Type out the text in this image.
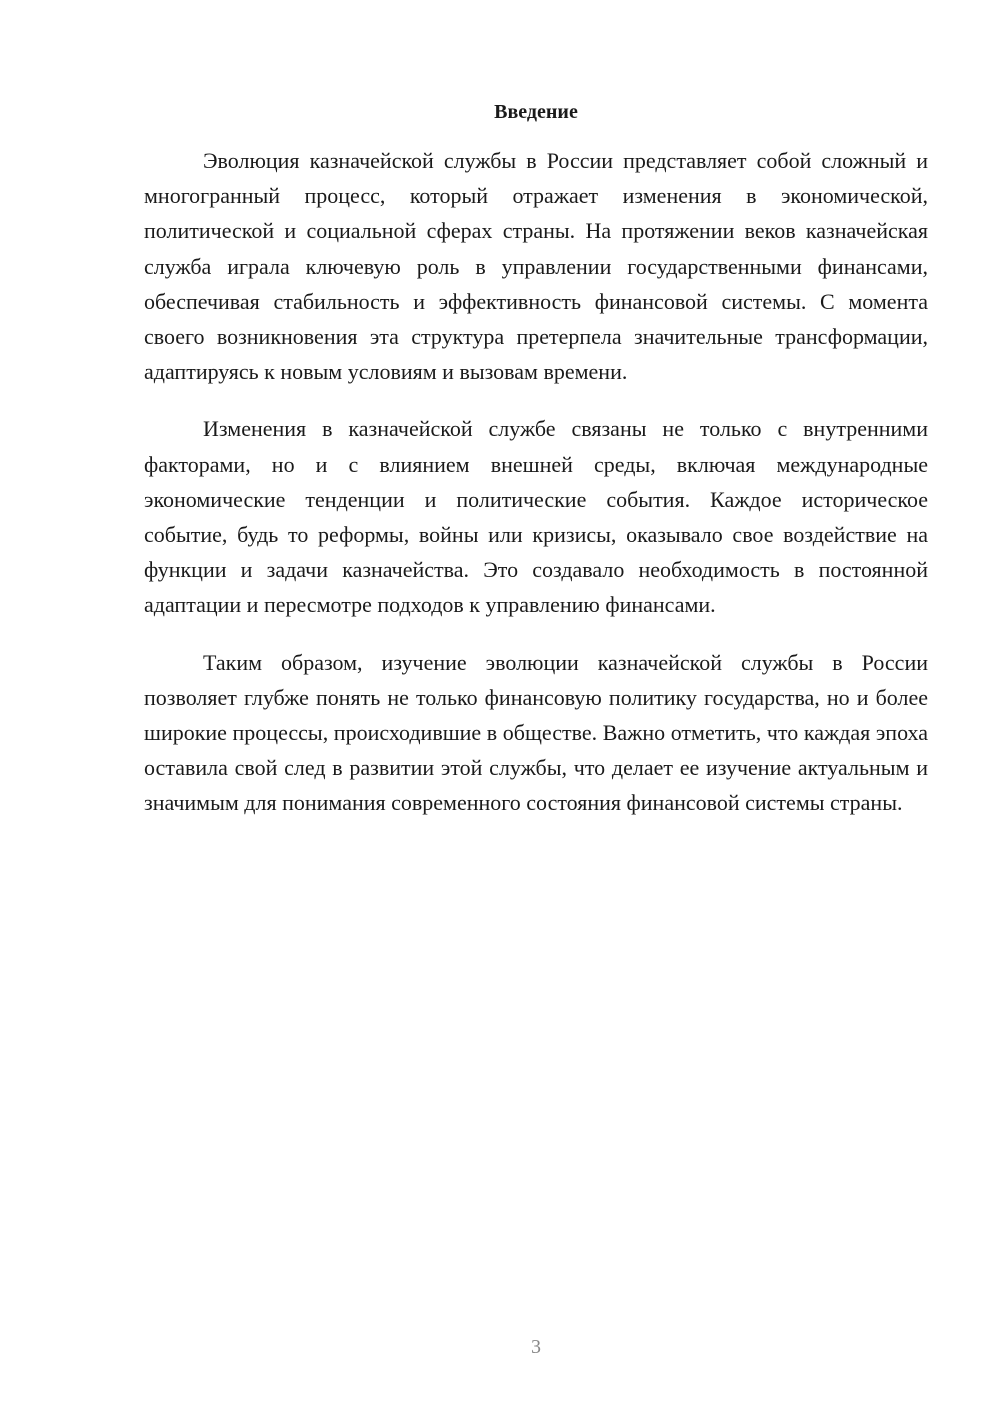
Введение

Эволюция казначейской службы в России представляет собой сложный и многогранный процесс, который отражает изменения в экономической, политической и социальной сферах страны. На протяжении веков казначейская служба играла ключевую роль в управлении государственными финансами, обеспечивая стабильность и эффективность финансовой системы. С момента своего возникновения эта структура претерпела значительные трансформации, адаптируясь к новым условиям и вызовам времени.

Изменения в казначейской службе связаны не только с внутренними факторами, но и с влиянием внешней среды, включая международные экономические тенденции и политические события. Каждое историческое событие, будь то реформы, войны или кризисы, оказывало свое воздействие на функции и задачи казначейства. Это создавало необходимость в постоянной адаптации и пересмотре подходов к управлению финансами.

Таким образом, изучение эволюции казначейской службы в России позволяет глубже понять не только финансовую политику государства, но и более широкие процессы, происходившие в обществе. Важно отметить, что каждая эпоха оставила свой след в развитии этой службы, что делает ее изучение актуальным и значимым для понимания современного состояния финансовой системы страны.

3
